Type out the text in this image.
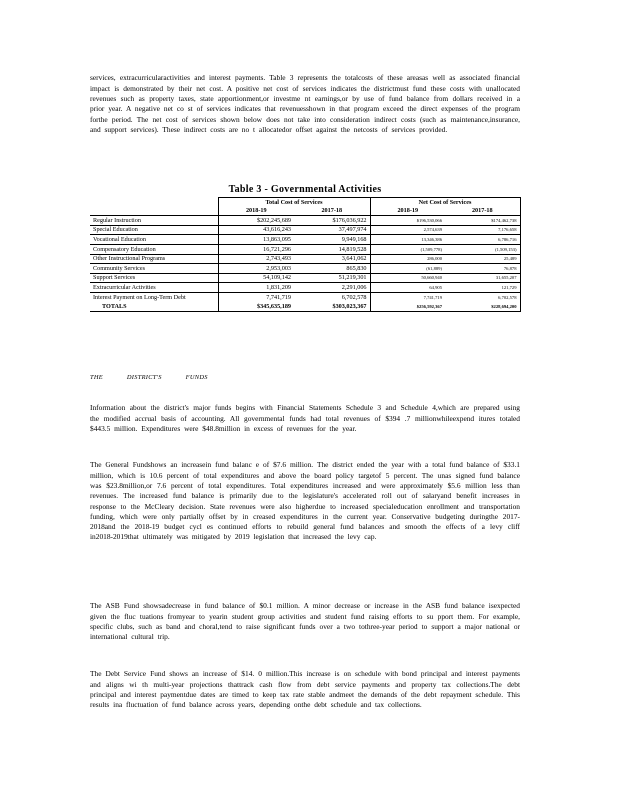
services, extracurricularactivities and interest payments. Table 3 represents the totalcosts of these areasas well as associated financial impact is demonstrated by their net cost. A positive net cost of services indicates the districtmust fund these costs with unallocated revenues such as property taxes, state apportionment,or investme nt earnings,or by use of fund balance from dollars received in a prior year. A negative net co st of services indicates that revenuesshown in that program exceed the direct expenses of the program forthe period. The net cost of services shown below does not take into consideration indirect costs (such as maintenance,insurance, and support services). These indirect costs are no t allocatedor offset against the netcosts of services provided.

Table 3 - Governmental Activities
	Total Cost of Services		Net Cost of Services	
	2018-19	2017-18	2018-19	2017-18
Regular Instruction	$202,245,689	$176,036,922	$196,530,066	$174,462,738
Special Education	43,616,243	37,497,974	2,574,639	7,176,658
Vocational Education	13,863,095	9,949,168	13,346,386	6,786,716
Compensatory Education	16,721,296	14,819,528	(1,509,778)	(1,509,153)
Other Instructional Programs	2,743,493	3,641,062	286,000	25,489
Community Services	2,953,003	865,830	(61,889)	76,878
Support Services	54,109,142	51,219,301	50,660,940	31,655,207
Extracurricular Activities	1,831,209	2,291,006	64,905	121,729
Interest Payment on Long-Term Debt	7,741,719	6,702,578	7,741,719	6,702,578
TOTALS	$345,635,189	$303,023,367	$256,592,367	$228,694,200
THE DISTRICT'S FUNDS

Information about the district's major funds begins with Financial Statements Schedule 3 and Schedule 4,which are prepared using the modified accrual basis of accounting. All governmental funds had total revenues of $394 .7 millionwhileexpend itures totaled $443.5 million. Expenditures were $48.8million in excess of revenues for the year.

The General Fundshows an increasein fund balanc e of $7.6 million. The district ended the year with a total fund balance of $33.1 million, which is 10.6 percent of total expenditures and above the board policy targetof 5 percent. The unas signed fund balance was $23.8million,or 7.6 percent of total expenditures. Total expenditures increased and were approximately $5.6 million less than revenues. The increased fund balance is primarily due to the legislature's accelerated roll out of salaryand benefit increases in response to the McCleary decision. State revenues were also higherdue to increased specialeducation enrollment and transportation funding, which were only partially offset by in creased expenditures in the current year. Conservative budgeting duringthe 2017-2018and the 2018-19 budget cycl es continued efforts to rebuild general fund balances and smooth the effects of a levy cliff in2018-2019that ultimately was mitigated by 2019 legislation that increased the levy cap.

The ASB Fund showsadecrease in fund balance of $0.1 million. A minor decrease or increase in the ASB fund balance isexpected given the fluc tuations fromyear to yearin student group activities and student fund raising efforts to su pport them. For example, specific clubs, such as band and choral,tend to raise significant funds over a two tothree-year period to support a major national or international cultural trip.

The Debt Service Fund shows an increase of $14. 0 million.This increase is on schedule with bond principal and interest payments and aligns wi th multi-year projections thattrack cash flow from debt service payments and property tax collections.The debt principal and interest paymentdue dates are timed to keep tax rate stable andmeet the demands of the debt repayment schedule. This results ina fluctuation of fund balance across years, depending onthe debt schedule and tax collections.
